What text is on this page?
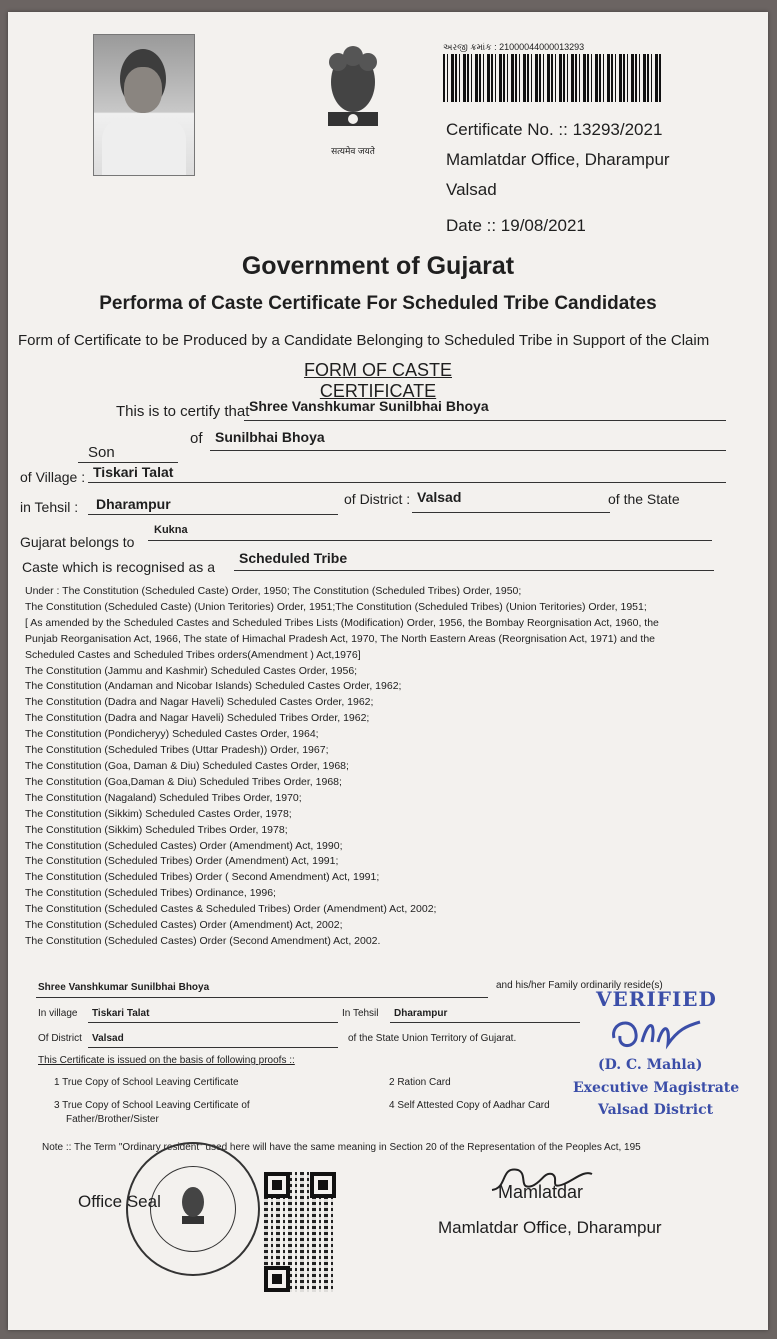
सत्यमेव जयते
અરજી ક્રમાંક : 21000044000013293
Certificate No. :: 13293/2021
Mamlatdar Office, Dharampur
Valsad
Date :: 19/08/2021
Government of Gujarat
Performa of Caste Certificate For Scheduled Tribe Candidates
Form of Certificate to be Produced by a Candidate Belonging to Scheduled Tribe in Support of the Claim
FORM OF CASTE CERTIFICATE
This is to certify that Shree Vanshkumar Sunilbhai Bhoya
Son
of Sunilbhai Bhoya
of Village : Tiskari Talat
in Tehsil : Dharampur	of District : Valsad	of the State
Gujarat belongs to
Kukna
Caste which is recognised as a
Scheduled Tribe
Under : The Constitution (Scheduled Caste) Order, 1950; The Constitution (Scheduled Tribes) Order, 1950;
The Constitution (Scheduled Caste) (Union Teritories) Order, 1951;The Constitution (Scheduled Tribes) (Union Teritories) Order, 1951;
[ As amended by the Scheduled Castes and Scheduled Tribes Lists (Modification) Order, 1956, the Bombay Reorgnisation Act, 1960, the
Punjab Reorganisation Act, 1966, The state of Himachal Pradesh Act, 1970, The North Eastern Areas (Reorgnisation Act, 1971) and the
Scheduled Castes and Scheduled Tribes orders(Amendment ) Act,1976]
The Constitution (Jammu and Kashmir) Scheduled Castes Order, 1956;
The Constitution (Andaman and Nicobar Islands) Scheduled Castes Order, 1962;
The Constitution (Dadra and Nagar Haveli) Scheduled Castes Order, 1962;
The Constitution (Dadra and Nagar Haveli) Scheduled Tribes Order, 1962;
The Constitution (Pondicheryy) Scheduled Castes Order, 1964;
The Constitution (Scheduled Tribes (Uttar Pradesh)) Order, 1967;
The Constitution (Goa, Daman & Diu) Scheduled Castes Order, 1968;
The Constitution (Goa,Daman & Diu) Scheduled Tribes Order, 1968;
The Constitution (Nagaland) Scheduled Tribes Order, 1970;
The Constitution (Sikkim) Scheduled Castes Order, 1978;
The Constitution (Sikkim) Scheduled Tribes Order, 1978;
The Constitution (Scheduled Castes) Order (Amendment) Act, 1990;
The Constitution (Scheduled Tribes) Order (Amendment) Act, 1991;
The Constitution (Scheduled Tribes) Order ( Second Amendment) Act, 1991;
The Constitution (Scheduled Tribes) Ordinance, 1996;
The Constitution (Scheduled Castes & Scheduled Tribes) Order (Amendment) Act, 2002;
The Constitution (Scheduled Castes) Order (Amendment) Act, 2002;
The Constitution (Scheduled Castes) Order (Second Amendment) Act, 2002.
Shree Vanshkumar Sunilbhai Bhoya	and his/her Family ordinarily reside(s)
In village Tiskari Talat	In Tehsil Dharampur
Of District Valsad	of the State Union Territory of Gujarat.
This Certificate is issued on the basis of following proofs ::
1 True Copy of School Leaving Certificate	2 Ration Card
3 True Copy of School Leaving Certificate of
Father/Brother/Sister
4 Self Attested Copy of Aadhar Card
Note :: The Term "Ordinary resident" used here will have the same meaning in Section 20 of the Representation of the Peoples Act, 195
VERIFIED
(D. C. Mahla)
Executive Magistrate
Valsad District
Office Seal	Mamlatdar
Mamlatdar Office, Dharampur
